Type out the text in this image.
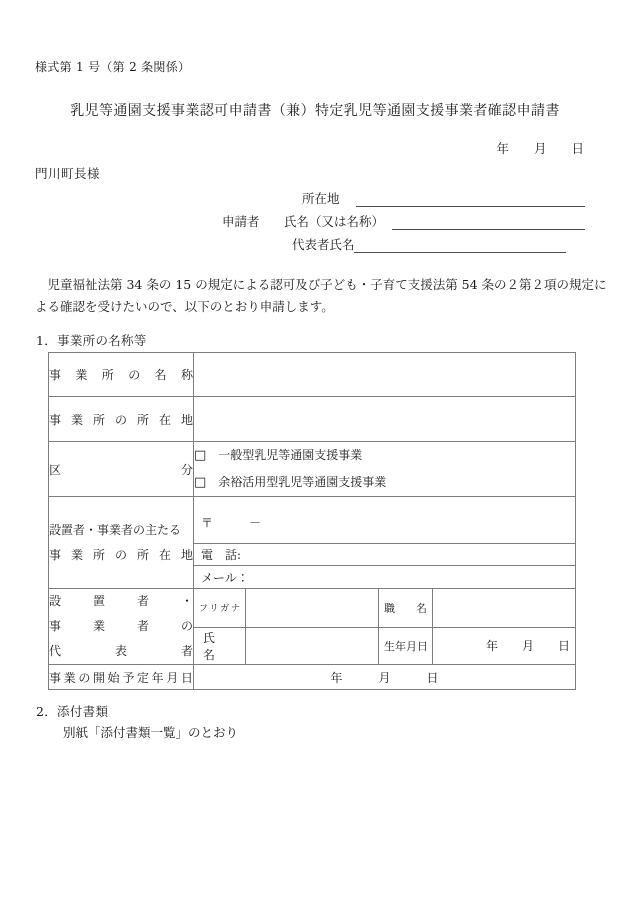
様式第 1 号（第 2 条関係）
乳児等通園支援事業認可申請書（兼）特定乳児等通園支援事業者確認申請書
年　　月　　日
門川町長様
所在地
申請者 氏名（又は名称）
代表者氏名
　児童福祉法第 34 条の 15 の規定による認可及び子ども・子育て支援法第 54 条の２第２項の規定に
よる確認を受けたいので、以下のとおり申請します。
1．事業所の名称等
事業所の名称				

事業所の所在地				

区分	□ 一般型乳児等通園支援事業
□ 余裕活用型乳児等通園支援事業			

設置者・事業者の主たる
事業所の所在地	〒　　　－			

	電　話:			

	メール：			

設置者・
事業者の
代表者	フリガナ		職　名	

	氏　名		生年月日	年　　月　　日

事業の開始予定年月日	年　　　月　　　日			
2．添付書類
別紙「添付書類一覧」のとおり
